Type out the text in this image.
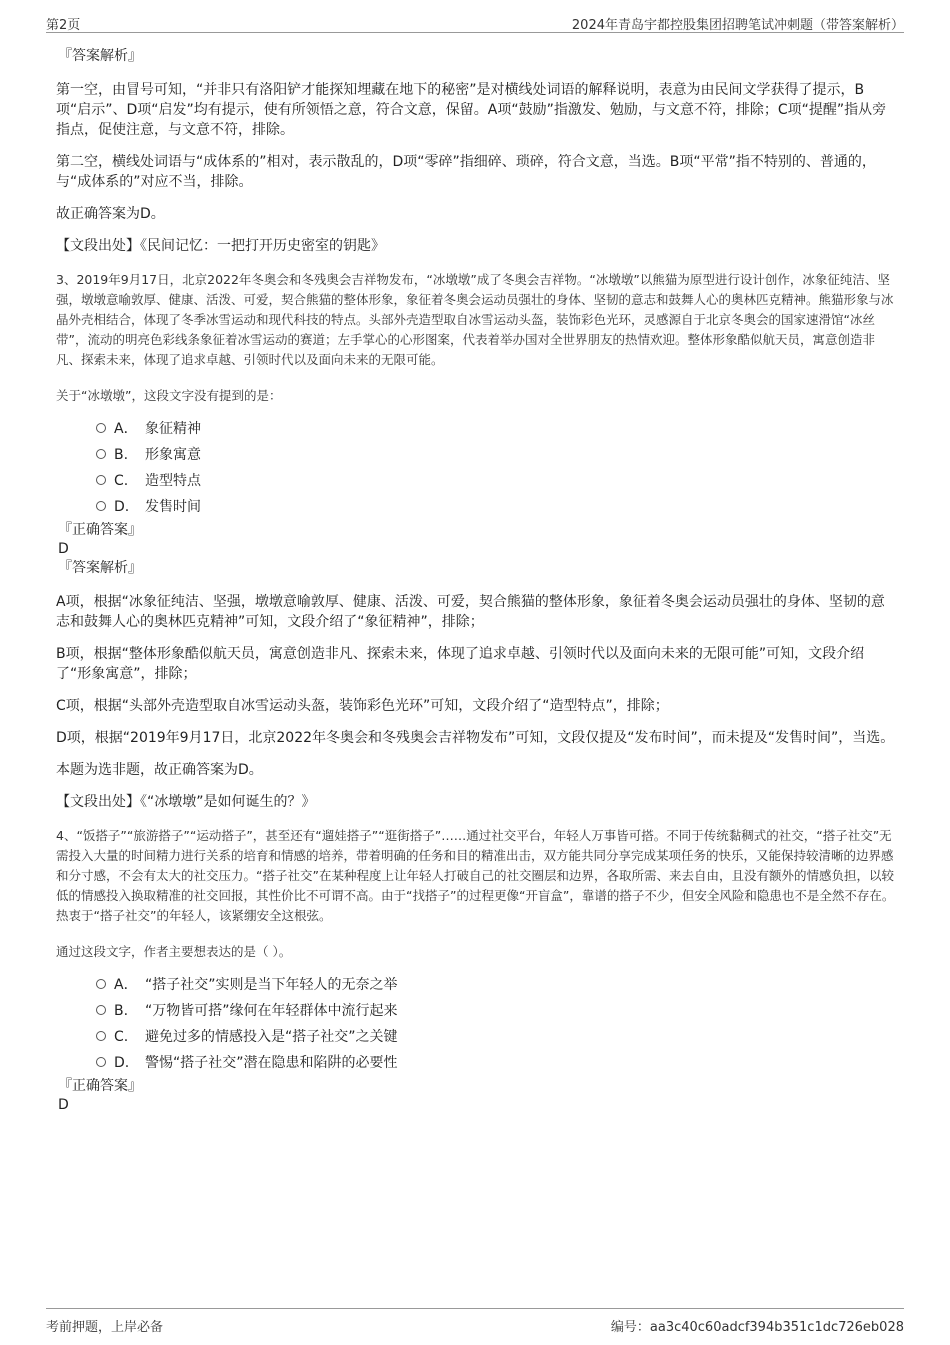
第2页	2024年青岛宇都控股集团招聘笔试冲刺题（带答案解析）
『答案解析』

第一空，由冒号可知，“并非只有洛阳铲才能探知埋藏在地下的秘密”是对横线处词语的解释说明，表意为由民间文学获得了提示，B项“启示”、D项“启发”均有提示，使有所领悟之意，符合文意，保留。A项“鼓励”指激发、勉励，与文意不符，排除；C项“提醒”指从旁指点，促使注意，与文意不符，排除。

第二空，横线处词语与“成体系的”相对，表示散乱的，D项“零碎”指细碎、琐碎，符合文意，当选。B项“平常”指不特别的、普通的，与“成体系的”对应不当，排除。

故正确答案为D。

【文段出处】《民间记忆：一把打开历史密室的钥匙》

3、2019年9月17日，北京2022年冬奥会和冬残奥会吉祥物发布，“冰墩墩”成了冬奥会吉祥物。“冰墩墩”以熊猫为原型进行设计创作，冰象征纯洁、坚强，墩墩意喻敦厚、健康、活泼、可爱，契合熊猫的整体形象，象征着冬奥会运动员强壮的身体、坚韧的意志和鼓舞人心的奥林匹克精神。熊猫形象与冰晶外壳相结合，体现了冬季冰雪运动和现代科技的特点。头部外壳造型取自冰雪运动头盔，装饰彩色光环，灵感源自于北京冬奥会的国家速滑馆“冰丝带”，流动的明亮色彩线条象征着冰雪运动的赛道；左手掌心的心形图案，代表着举办国对全世界朋友的热情欢迎。整体形象酷似航天员，寓意创造非凡、探索未来，体现了追求卓越、引领时代以及面向未来的无限可能。

关于“冰墩墩”，这段文字没有提到的是：

A． 象征精神
B. 形象寓意
C. 造型特点
D. 发售时间
『正确答案』
D
『答案解析』

A项，根据“冰象征纯洁、坚强，墩墩意喻敦厚、健康、活泼、可爱，契合熊猫的整体形象，象征着冬奥会运动员强壮的身体、坚韧的意志和鼓舞人心的奥林匹克精神”可知，文段介绍了“象征精神”，排除；

B项，根据“整体形象酷似航天员，寓意创造非凡、探索未来，体现了追求卓越、引领时代以及面向未来的无限可能”可知，文段介绍了“形象寓意”，排除；

C项，根据“头部外壳造型取自冰雪运动头盔，装饰彩色光环”可知，文段介绍了“造型特点”，排除；

D项，根据“2019年9月17日，北京2022年冬奥会和冬残奥会吉祥物发布”可知，文段仅提及“发布时间”，而未提及“发售时间”，当选。

本题为选非题，故正确答案为D。

【文段出处】《“冰墩墩”是如何诞生的？》

4、“饭搭子”“旅游搭子”“运动搭子”，甚至还有“遛娃搭子”“逛街搭子”……通过社交平台，年轻人万事皆可搭。不同于传统黏稠式的社交，“搭子社交”无需投入大量的时间精力进行关系的培育和情感的培养，带着明确的任务和目的精准出击，双方能共同分享完成某项任务的快乐，又能保持较清晰的边界感和分寸感，不会有太大的社交压力。“搭子社交”在某种程度上让年轻人打破自己的社交圈层和边界，各取所需、来去自由，且没有额外的情感负担，以较低的情感投入换取精准的社交回报，其性价比不可谓不高。由于“找搭子”的过程更像“开盲盒”，靠谱的搭子不少，但安全风险和隐患也不是全然不存在。热衷于“搭子社交”的年轻人，该紧绷安全这根弦。

通过这段文字，作者主要想表达的是（ ）。

A． “搭子社交”实则是当下年轻人的无奈之举
B. “万物皆可搭”缘何在年轻群体中流行起来
C. 避免过多的情感投入是“搭子社交”之关键
D. 警惕“搭子社交”潜在隐患和陷阱的必要性
『正确答案』
D
考前押题，上岸必备	编号：aa3c40c60adcf394b351c1dc726eb028
